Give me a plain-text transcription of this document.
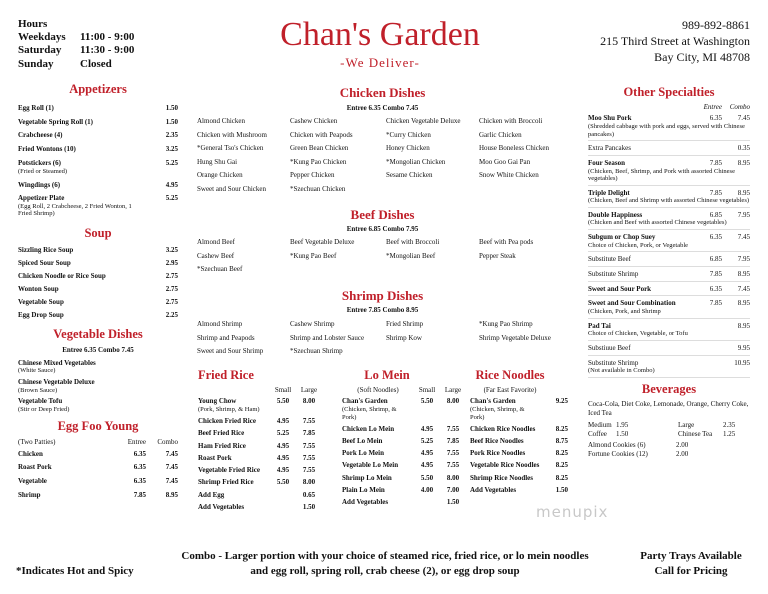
Hours
Weekdays	11:00 - 9:00
Saturday	11:30 - 9:00
Sunday	Closed
Chan's Garden
-We Deliver-
989-892-8861
215 Third Street at Washington
Bay City, MI 48708
Appetizers
Egg Roll (1)	1.50
Vegetable Spring Roll (1)	1.50
Crabcheese (4)	2.35
Fried Wontons (10)	3.25
Potstickers (6)	5.25
(Fried or Steamed)
Wingdings (6)	4.95
Appetizer Plate	5.25
(Egg Roll, 2 Crabcheese, 2 Fried Wonton, 1 Fried Shrimp)
Soup
Sizzling Rice Soup	3.25
Spiced Sour Soup	2.95
Chicken Noodle or Rice Soup	2.75
Wonton Soup	2.75
Vegetable Soup	2.75
Egg Drop Soup	2.25
Vegetable Dishes
Entree 6.35 Combo 7.45
Chinese Mixed Vegetables
(White Sauce)
Chinese Vegetable Deluxe
(Brown Sauce)
Vegetable Tofu
(Stir or Deep Fried)
Egg Foo Young
(Two Patties)	Entree	Combo
Chicken	6.35	7.45
Roast Pork	6.35	7.45
Vegetable	6.35	7.45
Shrimp	7.85	8.95
Chicken Dishes
Entree 6.35 Combo 7.45
Almond Chicken	Cashew Chicken	Chicken Vegetable Deluxe	Chicken with Broccoli
Chicken with Mushroom	Chicken with Peapods	*Curry Chicken	Garlic Chicken
*General Tso's Chicken	Green Bean Chicken	Honey Chicken	House Boneless Chicken
Hung Shu Gai	*Kung Pao Chicken	*Mongolian Chicken	Moo Goo Gai Pan
Orange Chicken	Pepper Chicken	Sesame Chicken	Snow White Chicken
Sweet and Sour Chicken	*Szechuan Chicken
Beef Dishes
Entree 6.85 Combo 7.95
Almond Beef	Beef Vegetable Deluxe	Beef with Broccoli	Beef with Pea pods
Cashew Beef	*Kung Pao Beef	*Mongolian Beef	Pepper Steak
*Szechuan Beef
Shrimp Dishes
Entree 7.85 Combo 8.95
Almond Shrimp	Cashew Shrimp	Fried Shrimp	*Kung Pao Shrimp
Shrimp and Peapods	Shrimp and Lobster Sauce	Shrimp Kow	Shrimp Vegetable Deluxe
Sweet and Sour Shrimp	*Szechuan Shrimp
Fried Rice
Small	Large
Young Chow	5.50	8.00
(Pork, Shrimp, & Ham)
Chicken Fried Rice	4.95	7.55
Beef Fried Rice	5.25	7.85
Ham Fried Rice	4.95	7.55
Roast Pork	4.95	7.55
Vegetable Fried Rice	4.95	7.55
Shrimp Fried Rice	5.50	8.00
Add Egg	0.65
Add Vegetables	1.50
Lo Mein
(Soft Noodles)	Small	Large
Chan's Garden	5.50	8.00
(Chicken, Shrimp, & Pork)
Chicken Lo Mein	4.95	7.55
Beef Lo Mein	5.25	7.85
Pork Lo Mein	4.95	7.55
Vegetable Lo Mein	4.95	7.55
Shrimp Lo Mein	5.50	8.00
Plain Lo Mein	4.00	7.00
Add Vegetables	1.50
Rice Noodles
(Far East Favorite)
Chan's Garden	9.25
(Chicken, Shrimp, & Pork)
Chicken Rice Noodles	8.25
Beef Rice Noodles	8.75
Pork Rice Noodles	8.25
Vegetable Rice Noodles	8.25
Shrimp Rice Noodles	8.25
Add Vegetables	1.50
Other Specialties
Entree	Combo
Moo Shu Pork	6.35	7.45
(Shredded cabbage with pork and eggs, served with Chinese pancakes)
Extra Pancakes	0.35
Four Season	7.85	8.95
(Chicken, Beef, Shrimp, and Pork with assorted Chinese vegetables)
Triple Delight	7.85	8.95
(Chicken, Beef and Shrimp with assorted Chinese vegetables)
Double Happiness	6.85	7.95
(Chicken and Beef with assorted Chinese vegetables)
Subgum or Chop Suey	6.35	7.45
Choice of Chicken, Pork, or Vegetable
Substitute Beef	6.85	7.95
Substitute Shrimp	7.85	8.95
Sweet and Sour Pork	6.35	7.45
Sweet and Sour Combination	7.85	8.95
(Chicken, Pork, and Shrimp
Pad Tai	8.95
Choice of Chicken, Vegetable, or Tofu
Substiuue Beef	9.95
Substitute Shrimp	10.95
(Not available in Combo)
Beverages
Coca-Cola, Diet Coke, Lemonade, Orange, Cherry Coke, Iced Tea
Medium 1.95	Large	2.35
Coffee	1.50	Chinese Tea	1.25
Almond Cookies (6)	2.00
Fortune Cookies (12)	2.00
menupix
*Indicates Hot and Spicy
Combo - Larger portion with your choice of steamed rice, fried rice, or lo mein noodles
and egg roll, spring roll, crab cheese (2), or egg drop soup
Party Trays Available
Call for Pricing
